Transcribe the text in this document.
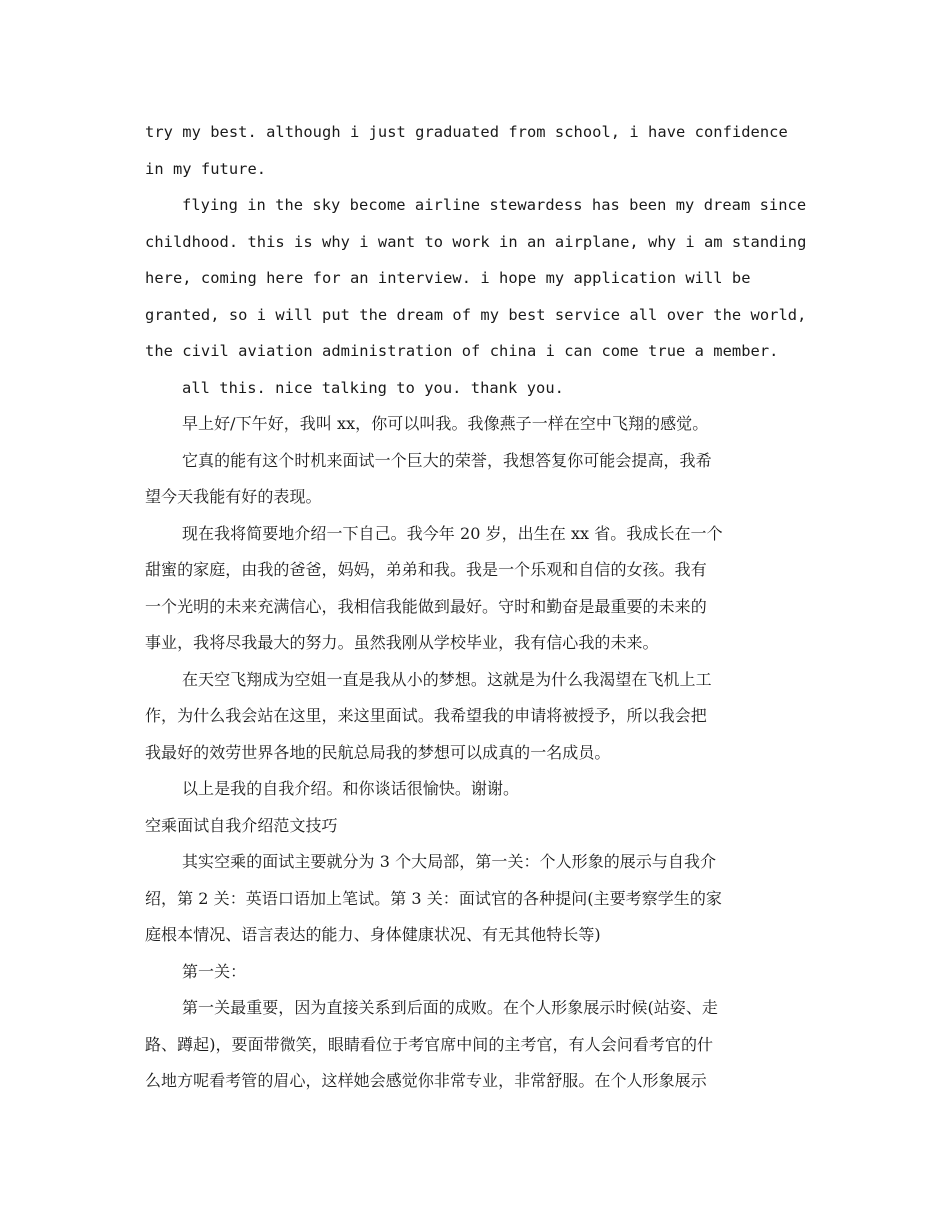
try my best. although i just graduated from school, i have confidence
in my future.
flying in the sky become airline stewardess has been my dream since
childhood. this is why i want to work in an airplane, why i am standing
here, coming here for an interview. i hope my application will be
granted, so i will put the dream of my best service all over the world,
the civil aviation administration of china i can come true a member.
all this. nice talking to you. thank you.
早上好/下午好，我叫 xx，你可以叫我。我像燕子一样在空中飞翔的感觉。
它真的能有这个时机来面试一个巨大的荣誉，我想答复你可能会提高，我希
望今天我能有好的表现。
现在我将简要地介绍一下自己。我今年 20 岁，出生在 xx 省。我成长在一个
甜蜜的家庭，由我的爸爸，妈妈，弟弟和我。我是一个乐观和自信的女孩。我有
一个光明的未来充满信心，我相信我能做到最好。守时和勤奋是最重要的未来的
事业，我将尽我最大的努力。虽然我刚从学校毕业，我有信心我的未来。
在天空飞翔成为空姐一直是我从小的梦想。这就是为什么我渴望在飞机上工
作，为什么我会站在这里，来这里面试。我希望我的申请将被授予，所以我会把
我最好的效劳世界各地的民航总局我的梦想可以成真的一名成员。
以上是我的自我介绍。和你谈话很愉快。谢谢。
空乘面试自我介绍范文技巧
其实空乘的面试主要就分为 3 个大局部，第一关：个人形象的展示与自我介
绍，第 2 关：英语口语加上笔试。第 3 关：面试官的各种提问(主要考察学生的家
庭根本情况、语言表达的能力、身体健康状况、有无其他特长等)
第一关：
第一关最重要，因为直接关系到后面的成败。在个人形象展示时候(站姿、走
路、蹲起)，要面带微笑，眼睛看位于考官席中间的主考官，有人会问看考官的什
么地方呢看考管的眉心，这样她会感觉你非常专业，非常舒服。在个人形象展示
